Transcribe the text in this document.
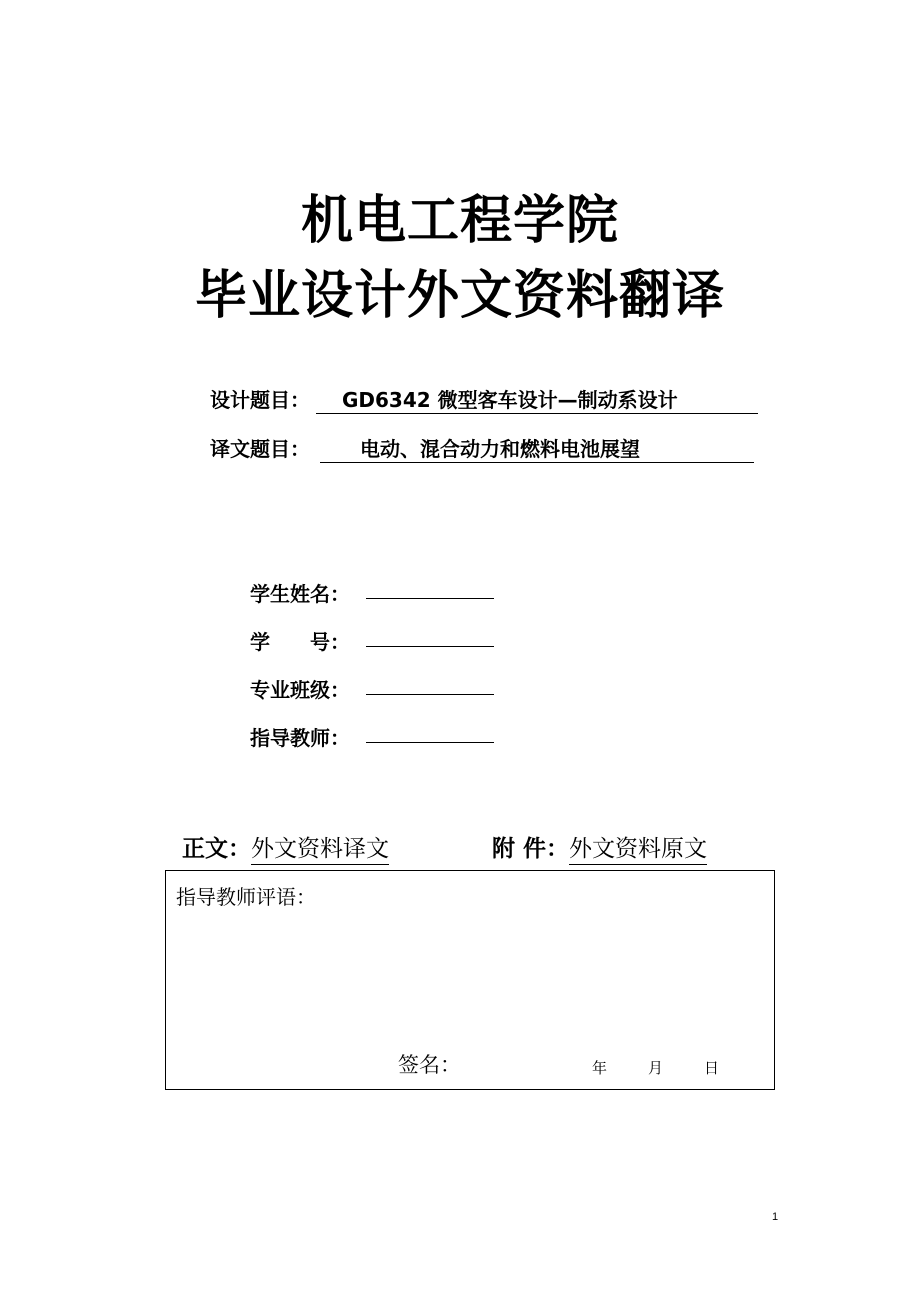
机电工程学院
毕业设计外文资料翻译
设计题目：	GD6342 微型客车设计—制动系设计
译文题目：	电动、混合动力和燃料电池展望
学生姓名：
学　　号：
专业班级：
指导教师：
正文：外文资料译文	附 件：外文资料原文
指导教师评语：
签名：	年	月	日
1
